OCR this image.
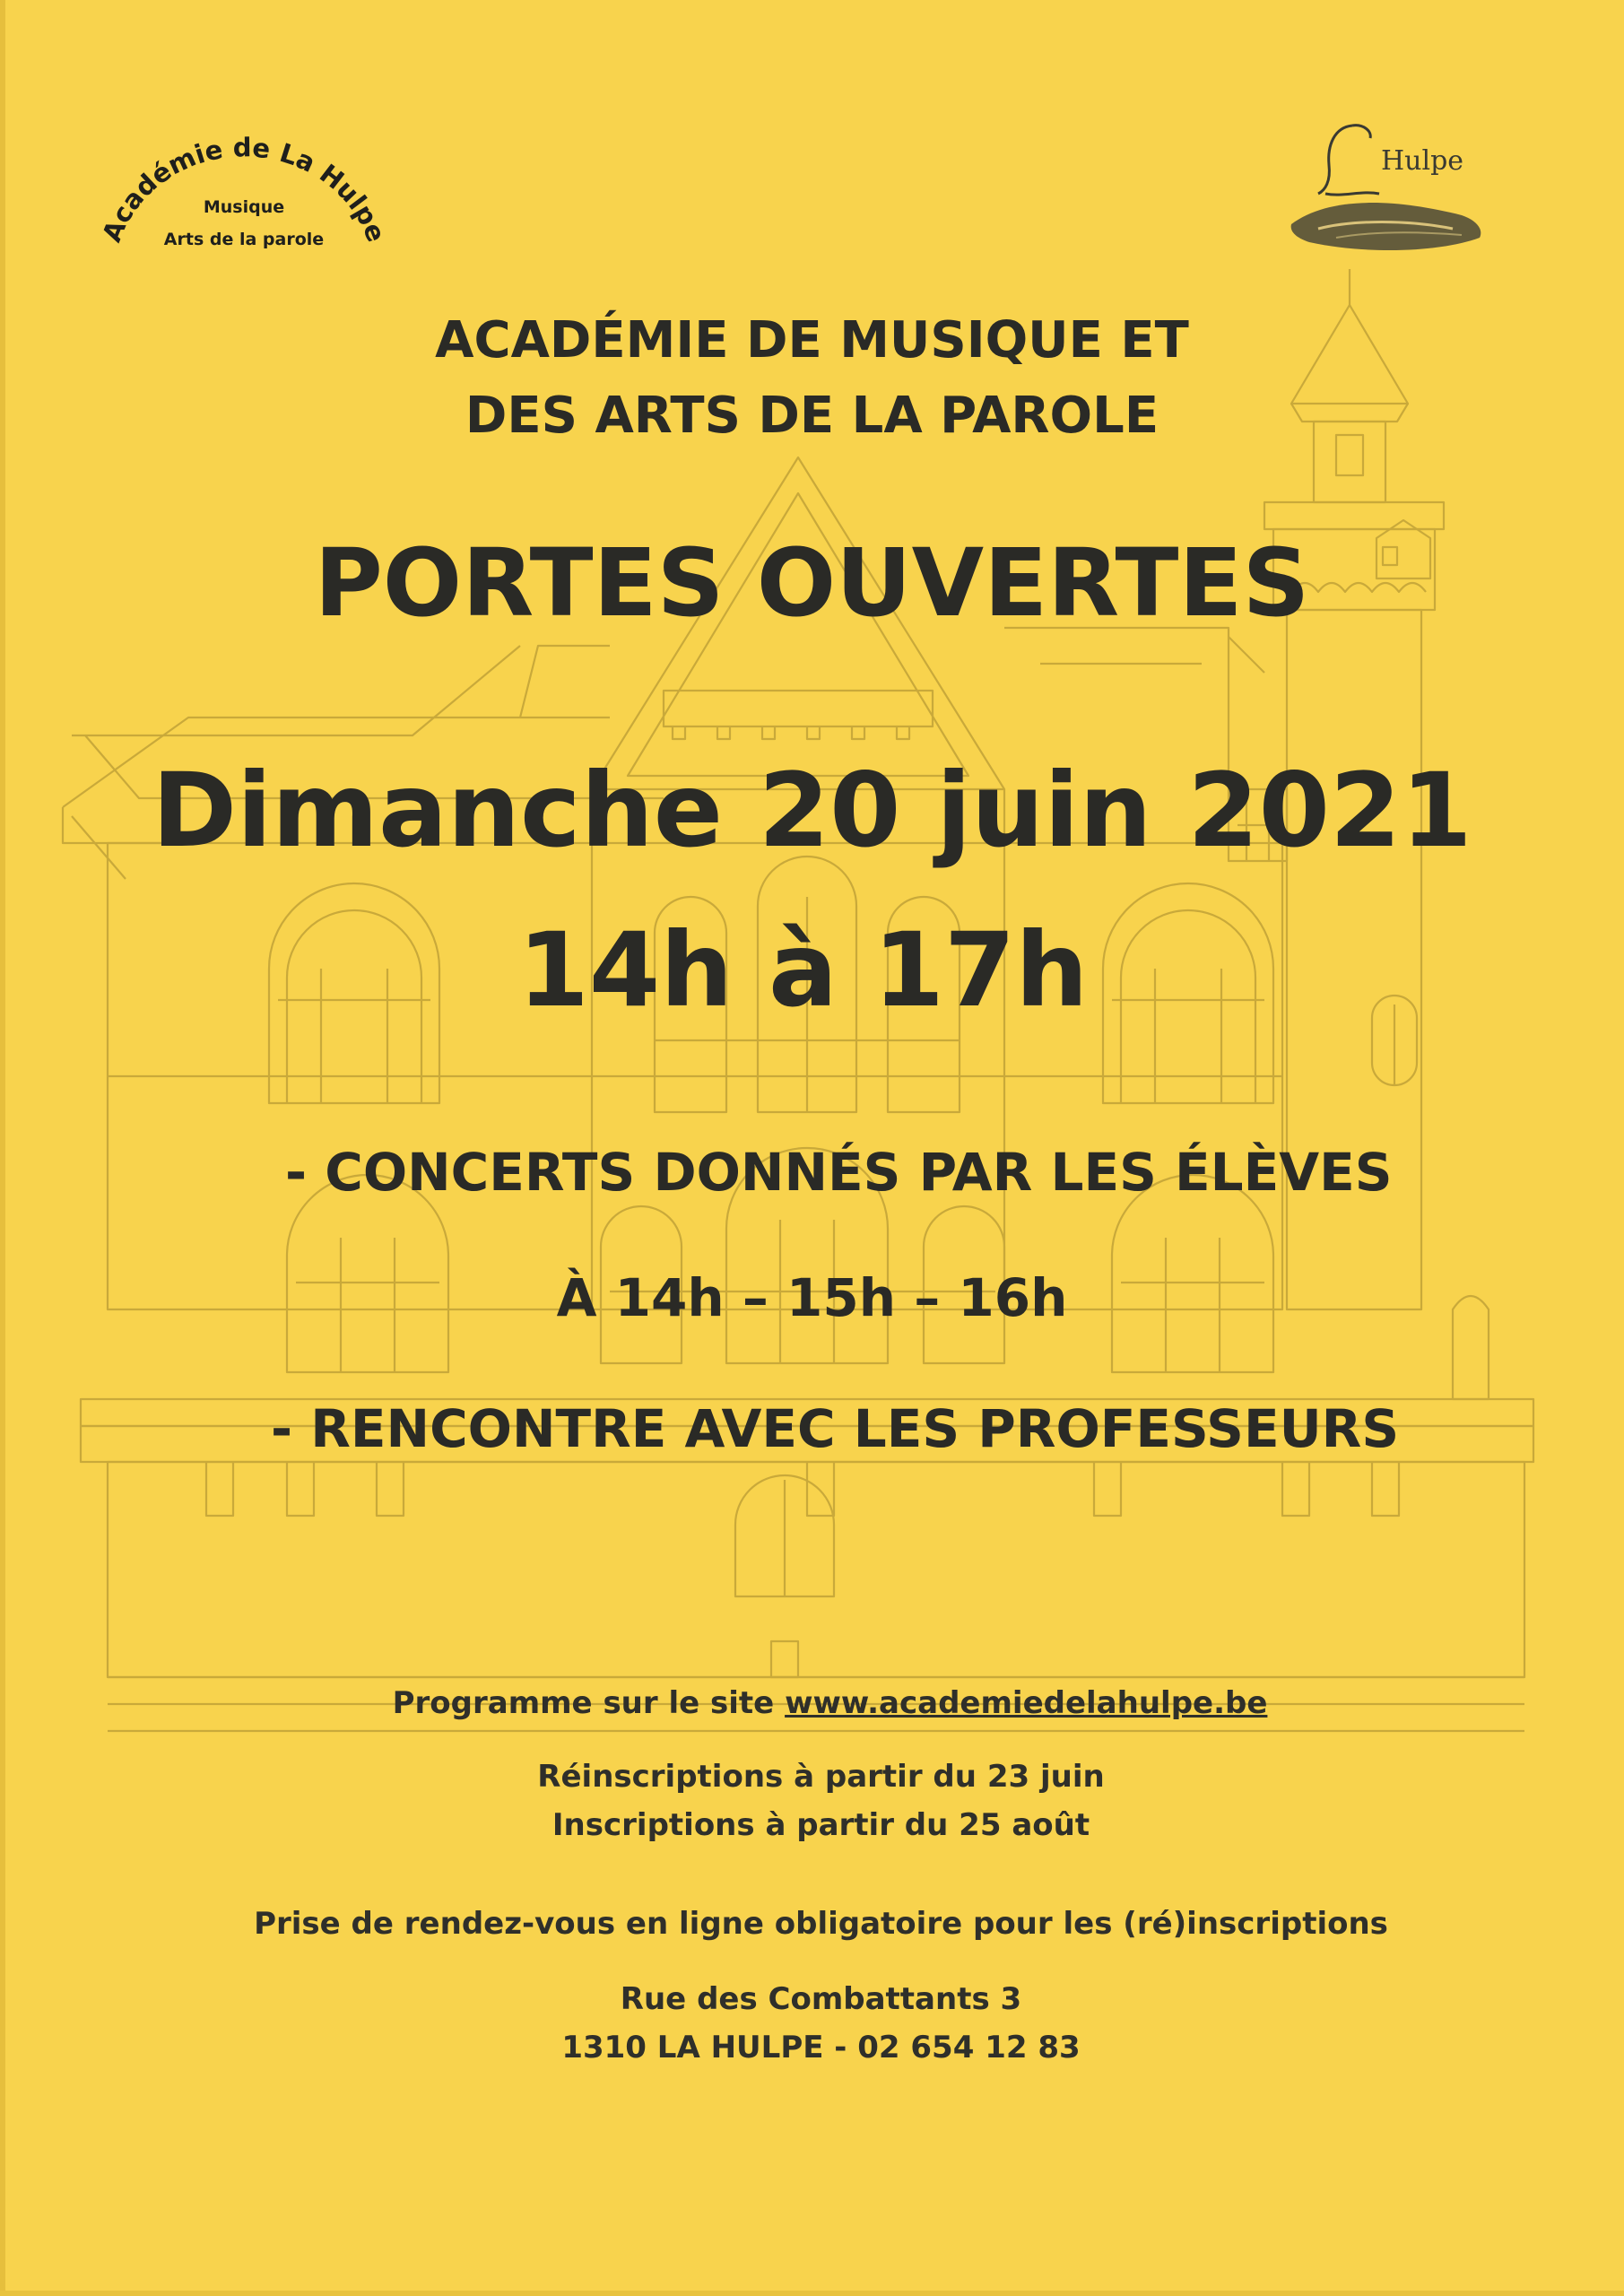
cadémie de La Hulp
Musique
Arts de la parole
Hulpe
ACADÉMIE DE MUSIQUE ET
DES ARTS DE LA PAROLE
PORTES OUVERTES
Dimanche 20 juin 2021
14h à 17h
- CONCERTS DONNÉS PAR LES ÉLÈVES
À 14h – 15h – 16h
- RENCONTRE AVEC LES PROFESSEURS
Programme sur le site www.academiedelahulpe.be
Réinscriptions à partir du 23 juin
Inscriptions à partir du 25 août
Prise de rendez-vous en ligne obligatoire pour les (ré)inscriptions
Rue des Combattants 3
1310 LA HULPE - 02 654 12 83
